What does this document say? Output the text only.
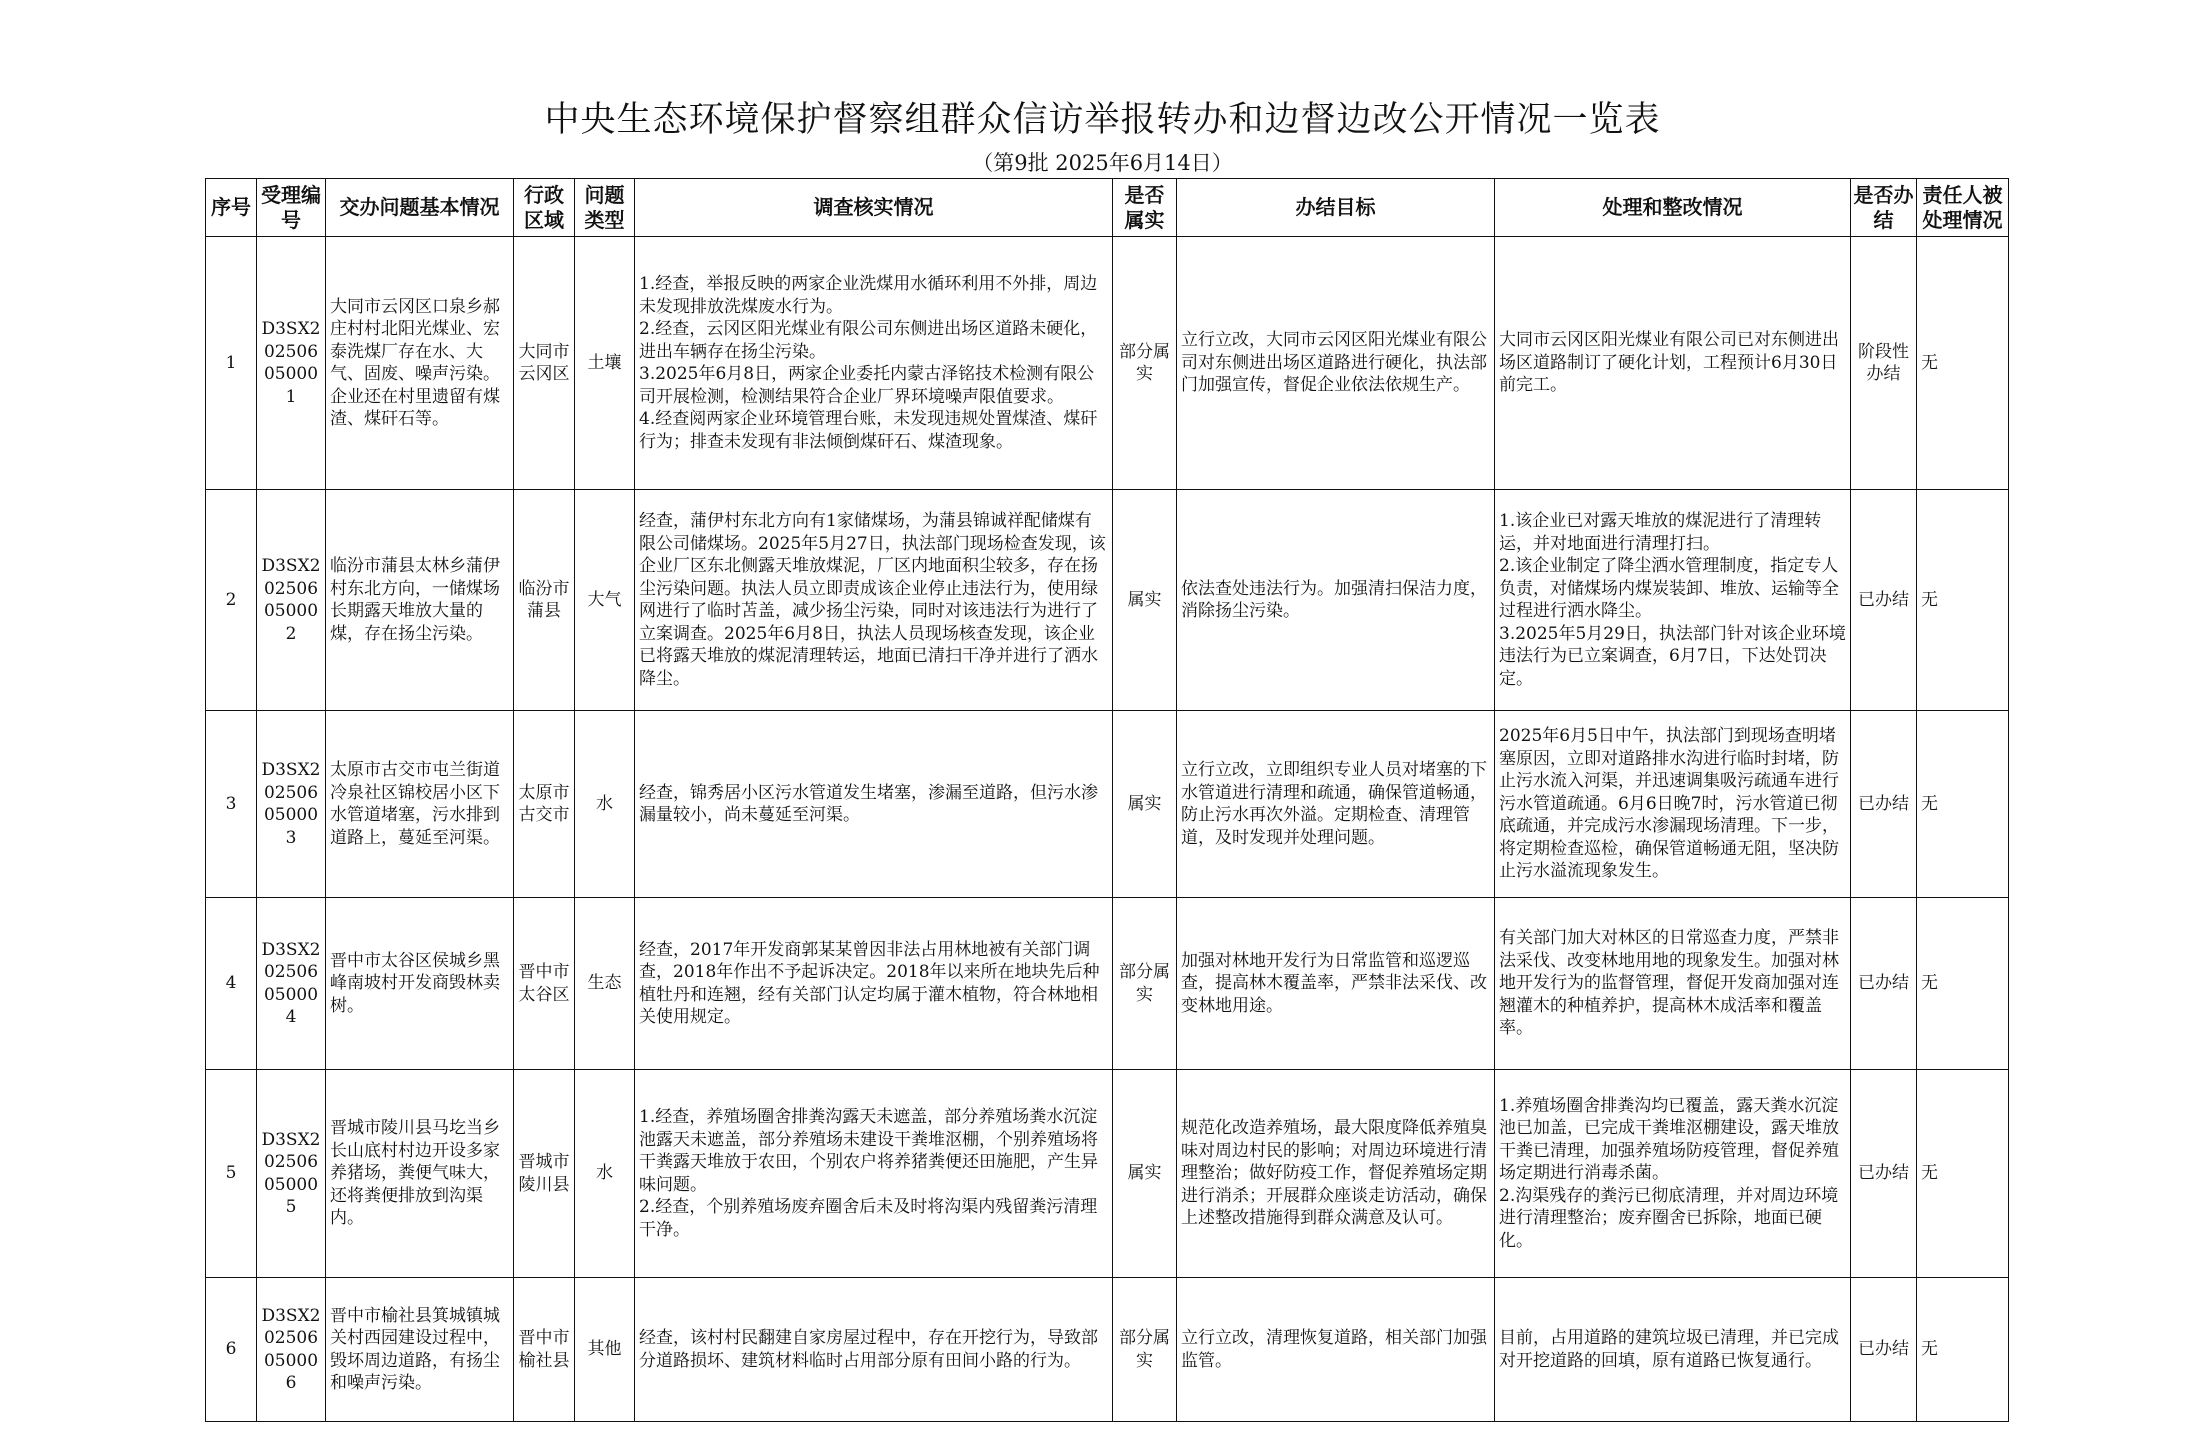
中央生态环境保护督察组群众信访举报转办和边督边改公开情况一览表
（第9批 2025年6月14日）
序号	受理编号	交办问题基本情况	行政区域	问题类型	调查核实情况	是否属实	办结目标	处理和整改情况	是否办结	责任人被处理情况
1	D3SX202506050001	大同市云冈区口泉乡郝庄村村北阳光煤业、宏泰洗煤厂存在水、大气、固废、噪声污染。企业还在村里遗留有煤渣、煤矸石等。	大同市云冈区	土壤	1.经查，举报反映的两家企业洗煤用水循环利用不外排，周边未发现排放洗煤废水行为。
2.经查，云冈区阳光煤业有限公司东侧进出场区道路未硬化，进出车辆存在扬尘污染。
3.2025年6月8日，两家企业委托内蒙古泽铭技术检测有限公司开展检测，检测结果符合企业厂界环境噪声限值要求。
4.经查阅两家企业环境管理台账，未发现违规处置煤渣、煤矸行为；排查未发现有非法倾倒煤矸石、煤渣现象。	部分属实	立行立改，大同市云冈区阳光煤业有限公司对东侧进出场区道路进行硬化，执法部门加强宣传，督促企业依法依规生产。	大同市云冈区阳光煤业有限公司已对东侧进出场区道路制订了硬化计划，工程预计6月30日前完工。	阶段性办结	无
2	D3SX202506050002	临汾市蒲县太林乡蒲伊村东北方向，一储煤场长期露天堆放大量的煤，存在扬尘污染。	临汾市蒲县	大气	经查，蒲伊村东北方向有1家储煤场，为蒲县锦诚祥配储煤有限公司储煤场。2025年5月27日，执法部门现场检查发现，该企业厂区东北侧露天堆放煤泥，厂区内地面积尘较多，存在扬尘污染问题。执法人员立即责成该企业停止违法行为，使用绿网进行了临时苫盖，减少扬尘污染，同时对该违法行为进行了立案调查。2025年6月8日，执法人员现场核查发现，该企业已将露天堆放的煤泥清理转运，地面已清扫干净并进行了洒水降尘。	属实	依法查处违法行为。加强清扫保洁力度，消除扬尘污染。	1.该企业已对露天堆放的煤泥进行了清理转运，并对地面进行清理打扫。
2.该企业制定了降尘洒水管理制度，指定专人负责，对储煤场内煤炭装卸、堆放、运输等全过程进行洒水降尘。
3.2025年5月29日，执法部门针对该企业环境违法行为已立案调查，6月7日，下达处罚决定。	已办结	无
3	D3SX202506050003	太原市古交市屯兰街道冷泉社区锦校居小区下水管道堵塞，污水排到道路上，蔓延至河渠。	太原市古交市	水	经查，锦秀居小区污水管道发生堵塞，渗漏至道路，但污水渗漏量较小，尚未蔓延至河渠。	属实	立行立改，立即组织专业人员对堵塞的下水管道进行清理和疏通，确保管道畅通，防止污水再次外溢。定期检查、清理管道，及时发现并处理问题。	2025年6月5日中午，执法部门到现场查明堵塞原因，立即对道路排水沟进行临时封堵，防止污水流入河渠，并迅速调集吸污疏通车进行污水管道疏通。6月6日晚7时，污水管道已彻底疏通，并完成污水渗漏现场清理。下一步，将定期检查巡检，确保管道畅通无阻，坚决防止污水溢流现象发生。	已办结	无
4	D3SX202506050004	晋中市太谷区侯城乡黑峰南坡村开发商毁林卖树。	晋中市太谷区	生态	经查，2017年开发商郭某某曾因非法占用林地被有关部门调查，2018年作出不予起诉决定。2018年以来所在地块先后种植牡丹和连翘，经有关部门认定均属于灌木植物，符合林地相关使用规定。	部分属实	加强对林地开发行为日常监管和巡逻巡查，提高林木覆盖率，严禁非法采伐、改变林地用途。	有关部门加大对林区的日常巡查力度，严禁非法采伐、改变林地用地的现象发生。加强对林地开发行为的监督管理，督促开发商加强对连翘灌木的种植养护，提高林木成活率和覆盖率。	已办结	无
5	D3SX202506050005	晋城市陵川县马圪当乡长山底村村边开设多家养猪场，粪便气味大，还将粪便排放到沟渠内。	晋城市陵川县	水	1.经查，养殖场圈舍排粪沟露天未遮盖，部分养殖场粪水沉淀池露天未遮盖，部分养殖场未建设干粪堆沤棚，个别养殖场将干粪露天堆放于农田，个别农户将养猪粪便还田施肥，产生异味问题。
2.经查，个别养殖场废弃圈舍后未及时将沟渠内残留粪污清理干净。	属实	规范化改造养殖场，最大限度降低养殖臭味对周边村民的影响；对周边环境进行清理整治；做好防疫工作，督促养殖场定期进行消杀；开展群众座谈走访活动，确保上述整改措施得到群众满意及认可。	1.养殖场圈舍排粪沟均已覆盖，露天粪水沉淀池已加盖，已完成干粪堆沤棚建设，露天堆放干粪已清理，加强养殖场防疫管理，督促养殖场定期进行消毒杀菌。
2.沟渠残存的粪污已彻底清理，并对周边环境进行清理整治；废弃圈舍已拆除，地面已硬化。	已办结	无
6	D3SX202506050006	晋中市榆社县箕城镇城关村西园建设过程中，毁坏周边道路，有扬尘和噪声污染。	晋中市榆社县	其他	经查，该村村民翻建自家房屋过程中，存在开挖行为，导致部分道路损坏、建筑材料临时占用部分原有田间小路的行为。	部分属实	立行立改，清理恢复道路，相关部门加强监管。	目前，占用道路的建筑垃圾已清理，并已完成对开挖道路的回填，原有道路已恢复通行。	已办结	无
